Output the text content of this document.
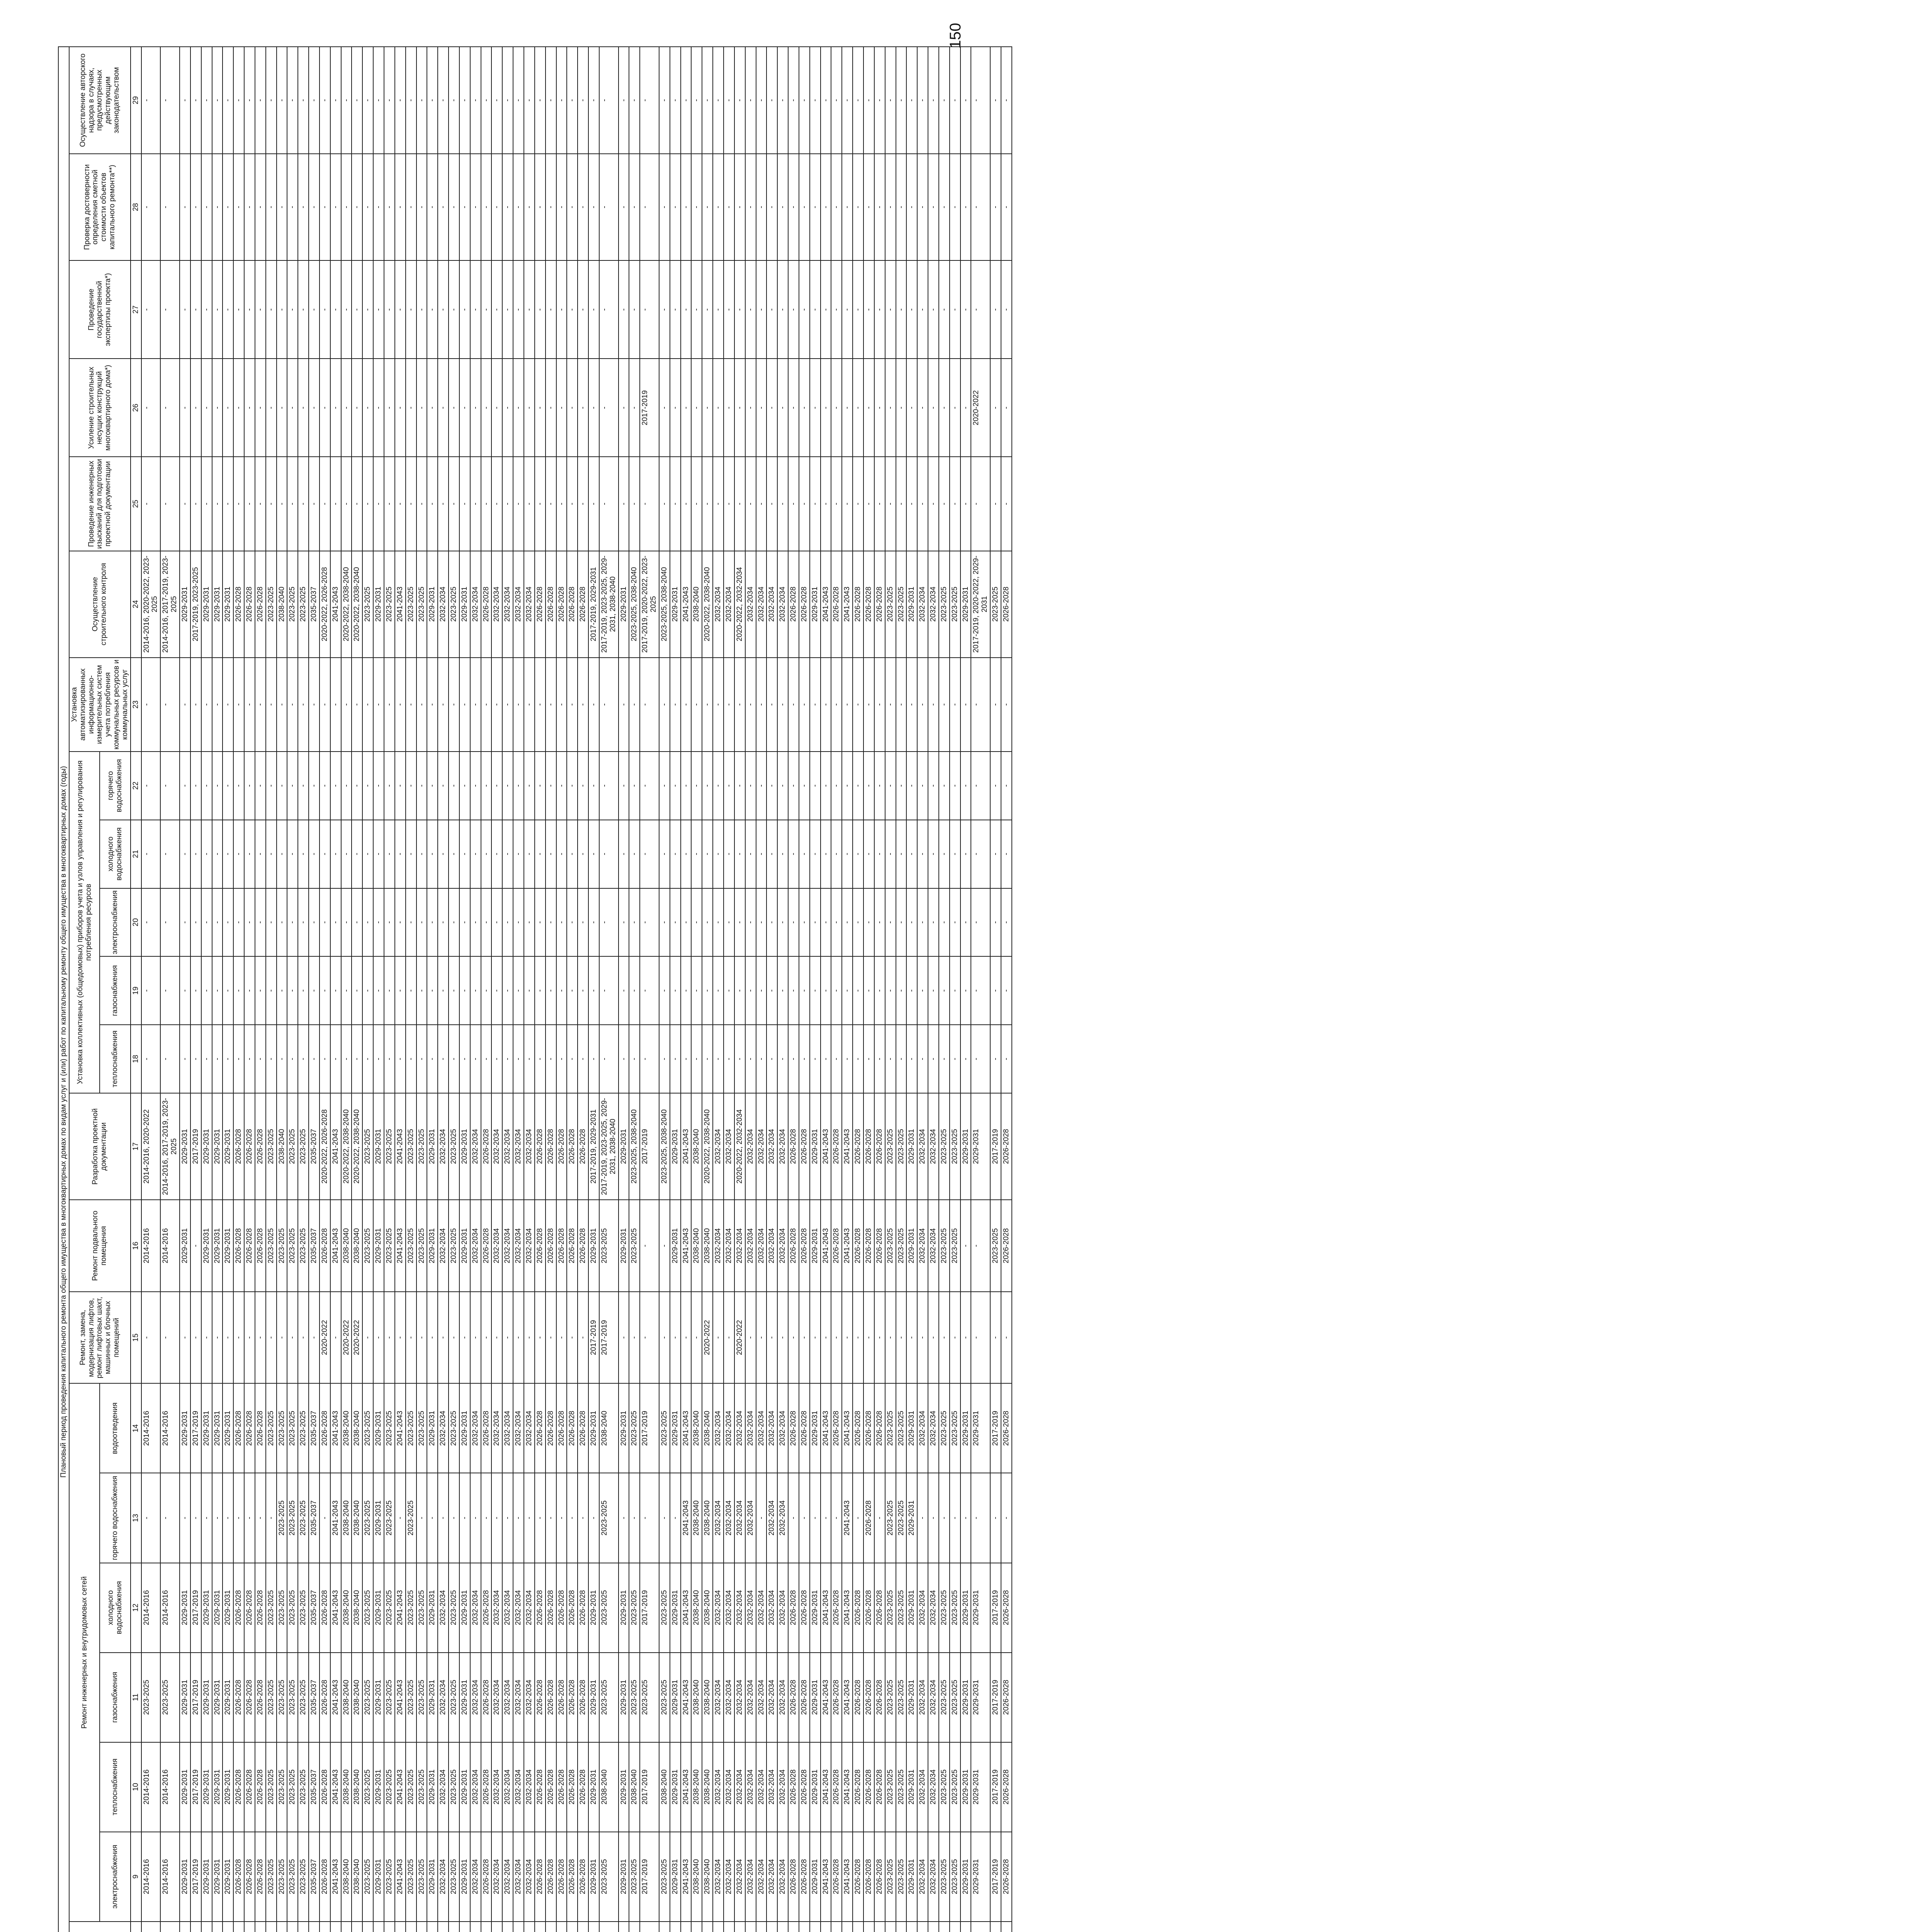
150
					Плановый период проведения капитального ремонта общего имущества в многоквартирных домах по видам услуг и (или) работ по капитальному ремонту общего имущества в многоквартирных домах (годы)																							
			Ремонт инженерных и внутридомовых сетей						Ремонт, замена, модернизация лифтов, ремонт лифтовых шахт, машинных и блочных помещений	Ремонт подвального помещения	Разработка проектной документации	Установка коллективных (общедомовых) приборов учета и узлов управления и регулирования потребления ресурсов					Установка автоматизированных информационно-измерительных систем учета потребления коммунальных ресурсов и коммунальных услуг	Осуществление строительного контроля	Проведение инженерных изысканий для подготовки проектной документации	Усиление строительных несущих конструкций многоквартирного дома*)	Проведение государственной экспертизы проекта*)	Проверка достоверности определения сметной стоимости объектов капитального ремонта**)	Осуществление авторского надзора в случаях, предусмотренных действующим законодательством
								электроснабжения	теплоснабжения	газоснабжения	холодного водоснабжения	горячего водоснабжения	водоотведения				теплоснабжения	газоснабжения	электроснабжения	холодного водоснабжения	горячего водоснабжения							
								9	10	11	12	13	14	15	16	17	18	19	20	21	22	23	24	25	26	27	28	29
								2014-2016	2014-2016	2023-2025	2014-2016	-	2014-2016	-	2014-2016	2014-2016, 2020-2022	-	-	-	-	-	-	2014-2016, 2020-2022, 2023-2025	-	-	-	-	-
								2014-2016	2014-2016	2023-2025	2014-2016	-	2014-2016	-	2014-2016	2014-2016, 2017-2019, 2023-2025	-	-	-	-	-	-	2014-2016, 2017-2019, 2023-2025	-	-	-	-	-
								2029-2031	2029-2031	2029-2031	2029-2031	-	2029-2031	-	2029-2031	2029-2031	-	-	-	-	-	-	2029-2031	-	-	-	-	-
								2017-2019	2017-2019	2017-2019	2017-2019	-	2017-2019	-	-	2017-2019	-	-	-	-	-	-	2017-2019, 2023-2025	-	-	-	-	-
								2029-2031	2029-2031	2029-2031	2029-2031	-	2029-2031	-	2029-2031	2029-2031	-	-	-	-	-	-	2029-2031	-	-	-	-	-
								2029-2031	2029-2031	2029-2031	2029-2031	-	2029-2031	-	2029-2031	2029-2031	-	-	-	-	-	-	2029-2031	-	-	-	-	-
								2029-2031	2029-2031	2029-2031	2029-2031	-	2029-2031	-	2029-2031	2029-2031	-	-	-	-	-	-	2029-2031	-	-	-	-	-
								2026-2028	2026-2028	2026-2028	2026-2028	-	2026-2028	-	2026-2028	2026-2028	-	-	-	-	-	-	2026-2028	-	-	-	-	-
								2026-2028	2026-2028	2026-2028	2026-2028	-	2026-2028	-	2026-2028	2026-2028	-	-	-	-	-	-	2026-2028	-	-	-	-	-
								2026-2028	2026-2028	2026-2028	2026-2028	-	2026-2028	-	2026-2028	2026-2028	-	-	-	-	-	-	2026-2028	-	-	-	-	-
								2023-2025	2023-2025	2023-2025	2023-2025	-	2023-2025	-	2023-2025	2023-2025	-	-	-	-	-	-	2023-2025	-	-	-	-	-
								2023-2025	2023-2025	2023-2025	2023-2025	2023-2025	2023-2025	-	2023-2025	2038-2040	-	-	-	-	-	-	2038-2040	-	-	-	-	-
								2023-2025	2023-2025	2023-2025	2023-2025	2023-2025	2023-2025	-	2023-2025	2023-2025	-	-	-	-	-	-	2023-2025	-	-	-	-	-
								2023-2025	2023-2025	2023-2025	2023-2025	2023-2025	2023-2025	-	2023-2025	2023-2025	-	-	-	-	-	-	2023-2025	-	-	-	-	-
								2035-2037	2035-2037	2035-2037	2035-2037	2035-2037	2035-2037	-	2035-2037	2035-2037	-	-	-	-	-	-	2035-2037	-	-	-	-	-
								2026-2028	2026-2028	2026-2028	2026-2028	-	2026-2028	2020-2022	2026-2028	2020-2022, 2026-2028	-	-	-	-	-	-	2020-2022, 2026-2028	-	-	-	-	-
								2041-2043	2041-2043	2041-2043	2041-2043	2041-2043	2041-2043	-	2041-2043	2041-2043	-	-	-	-	-	-	2041-2043	-	-	-	-	-
								2038-2040	2038-2040	2038-2040	2038-2040	2038-2040	2038-2040	2020-2022	2038-2040	2020-2022, 2038-2040	-	-	-	-	-	-	2020-2022, 2038-2040	-	-	-	-	-
								2038-2040	2038-2040	2038-2040	2038-2040	2038-2040	2038-2040	2020-2022	2038-2040	2020-2022, 2038-2040	-	-	-	-	-	-	2020-2022, 2038-2040	-	-	-	-	-
								2023-2025	2023-2025	2023-2025	2023-2025	2023-2025	2023-2025	-	2023-2025	2023-2025	-	-	-	-	-	-	2023-2025	-	-	-	-	-
								2029-2031	2029-2031	2029-2031	2029-2031	2029-2031	2029-2031	-	2029-2031	2029-2031	-	-	-	-	-	-	2029-2031	-	-	-	-	-
								2023-2025	2023-2025	2023-2025	2023-2025	2023-2025	2023-2025	-	2023-2025	2023-2025	-	-	-	-	-	-	2023-2025	-	-	-	-	-
								2041-2043	2041-2043	2041-2043	2041-2043	-	2041-2043	-	2041-2043	2041-2043	-	-	-	-	-	-	2041-2043	-	-	-	-	-
								2023-2025	2023-2025	2023-2025	2023-2025	2023-2025	2023-2025	-	2023-2025	2023-2025	-	-	-	-	-	-	2023-2025	-	-	-	-	-
								2023-2025	2023-2025	2023-2025	2023-2025	-	2023-2025	-	2023-2025	2023-2025	-	-	-	-	-	-	2023-2025	-	-	-	-	-
								2029-2031	2029-2031	2029-2031	2029-2031	-	2029-2031	-	2029-2031	2029-2031	-	-	-	-	-	-	2029-2031	-	-	-	-	-
								2032-2034	2032-2034	2032-2034	2032-2034	-	2032-2034	-	2032-2034	2032-2034	-	-	-	-	-	-	2032-2034	-	-	-	-	-
								2023-2025	2023-2025	2023-2025	2023-2025	-	2023-2025	-	2023-2025	2023-2025	-	-	-	-	-	-	2023-2025	-	-	-	-	-
								2029-2031	2029-2031	2029-2031	2029-2031	-	2029-2031	-	2029-2031	2029-2031	-	-	-	-	-	-	2029-2031	-	-	-	-	-
								2032-2034	2032-2034	2032-2034	2032-2034	-	2032-2034	-	2032-2034	2032-2034	-	-	-	-	-	-	2032-2034	-	-	-	-	-
								2026-2028	2026-2028	2026-2028	2026-2028	-	2026-2028	-	2026-2028	2026-2028	-	-	-	-	-	-	2026-2028	-	-	-	-	-
								2032-2034	2032-2034	2032-2034	2032-2034	-	2032-2034	-	2032-2034	2032-2034	-	-	-	-	-	-	2032-2034	-	-	-	-	-
								2032-2034	2032-2034	2032-2034	2032-2034	-	2032-2034	-	2032-2034	2032-2034	-	-	-	-	-	-	2032-2034	-	-	-	-	-
								2032-2034	2032-2034	2032-2034	2032-2034	-	2032-2034	-	2032-2034	2032-2034	-	-	-	-	-	-	2032-2034	-	-	-	-	-
								2032-2034	2032-2034	2032-2034	2032-2034	-	2032-2034	-	2032-2034	2032-2034	-	-	-	-	-	-	2032-2034	-	-	-	-	-
								2026-2028	2026-2028	2026-2028	2026-2028	-	2026-2028	-	2026-2028	2026-2028	-	-	-	-	-	-	2026-2028	-	-	-	-	-
								2026-2028	2026-2028	2026-2028	2026-2028	-	2026-2028	-	2026-2028	2026-2028	-	-	-	-	-	-	2026-2028	-	-	-	-	-
								2026-2028	2026-2028	2026-2028	2026-2028	-	2026-2028	-	2026-2028	2026-2028	-	-	-	-	-	-	2026-2028	-	-	-	-	-
								2026-2028	2026-2028	2026-2028	2026-2028	-	2026-2028	-	2026-2028	2026-2028	-	-	-	-	-	-	2026-2028	-	-	-	-	-
								2026-2028	2026-2028	2026-2028	2026-2028	-	2026-2028	-	2026-2028	2026-2028	-	-	-	-	-	-	2026-2028	-	-	-	-	-
								2029-2031	2029-2031	2029-2031	2029-2031	-	2029-2031	2017-2019	2029-2031	2017-2019, 2029-2031	-	-	-	-	-	-	2017-2019, 2029-2031	-	-	-	-	-
								2023-2025	2038-2040	2023-2025	2023-2025	2023-2025	2038-2040	2017-2019	2023-2025	2017-2019, 2023-2025, 2029-2031, 2038-2040	-	-	-	-	-	-	2017-2019, 2023-2025, 2029-2031, 2038-2040	-	-	-	-	-
								2029-2031	2029-2031	2029-2031	2029-2031	-	2029-2031	-	2029-2031	2029-2031	-	-	-	-	-	-	2029-2031	-	-	-	-	-
								2023-2025	2038-2040	2023-2025	2023-2025	-	2023-2025	-	2023-2025	2023-2025, 2038-2040	-	-	-	-	-	-	2023-2025, 2038-2040	-	-	-	-	-
								2017-2019	2017-2019	2023-2025	2017-2019	-	2017-2019	-	-	2017-2019	-	-	-	-	-	-	2017-2019, 2020-2022, 2023-2025	-	2017-2019	-	-	-
								2023-2025	2038-2040	2023-2025	2023-2025	-	2023-2025	-	-	2023-2025, 2038-2040	-	-	-	-	-	-	2023-2025, 2038-2040	-	-	-	-	-
								2029-2031	2029-2031	2029-2031	2029-2031	-	2029-2031	-	2029-2031	2029-2031	-	-	-	-	-	-	2029-2031	-	-	-	-	-
								2041-2043	2041-2043	2041-2043	2041-2043	2041-2043	2041-2043	-	2041-2043	2041-2043	-	-	-	-	-	-	2041-2043	-	-	-	-	-
								2038-2040	2038-2040	2038-2040	2038-2040	2038-2040	2038-2040	-	2038-2040	2038-2040	-	-	-	-	-	-	2038-2040	-	-	-	-	-
								2038-2040	2038-2040	2038-2040	2038-2040	2038-2040	2038-2040	2020-2022	2038-2040	2020-2022, 2038-2040	-	-	-	-	-	-	2020-2022, 2038-2040	-	-	-	-	-
								2032-2034	2032-2034	2032-2034	2032-2034	2032-2034	2032-2034	-	2032-2034	2032-2034	-	-	-	-	-	-	2032-2034	-	-	-	-	-
								2032-2034	2032-2034	2032-2034	2032-2034	2032-2034	2032-2034	-	2032-2034	2032-2034	-	-	-	-	-	-	2032-2034	-	-	-	-	-
								2032-2034	2032-2034	2032-2034	2032-2034	2032-2034	2032-2034	2020-2022	2032-2034	2020-2022, 2032-2034	-	-	-	-	-	-	2020-2022, 2032-2034	-	-	-	-	-
								2032-2034	2032-2034	2032-2034	2032-2034	2032-2034	2032-2034	-	2032-2034	2032-2034	-	-	-	-	-	-	2032-2034	-	-	-	-	-
								2032-2034	2032-2034	2032-2034	2032-2034	-	2032-2034	-	2032-2034	2032-2034	-	-	-	-	-	-	2032-2034	-	-	-	-	-
								2032-2034	2032-2034	2032-2034	2032-2034	2032-2034	2032-2034	-	2032-2034	2032-2034	-	-	-	-	-	-	2032-2034	-	-	-	-	-
								2032-2034	2032-2034	2032-2034	2032-2034	2032-2034	2032-2034	-	2032-2034	2032-2034	-	-	-	-	-	-	2032-2034	-	-	-	-	-
								2026-2028	2026-2028	2026-2028	2026-2028	-	2026-2028	-	2026-2028	2026-2028	-	-	-	-	-	-	2026-2028	-	-	-	-	-
								2026-2028	2026-2028	2026-2028	2026-2028	-	2026-2028	-	2026-2028	2026-2028	-	-	-	-	-	-	2026-2028	-	-	-	-	-
								2029-2031	2029-2031	2029-2031	2029-2031	-	2029-2031	-	2029-2031	2029-2031	-	-	-	-	-	-	2029-2031	-	-	-	-	-
								2041-2043	2041-2043	2041-2043	2041-2043	-	2041-2043	-	2041-2043	2041-2043	-	-	-	-	-	-	2041-2043	-	-	-	-	-
								2026-2028	2026-2028	2026-2028	2026-2028	-	2026-2028	-	2026-2028	2026-2028	-	-	-	-	-	-	2026-2028	-	-	-	-	-
								2041-2043	2041-2043	2041-2043	2041-2043	2041-2043	2041-2043	-	2041-2043	2041-2043	-	-	-	-	-	-	2041-2043	-	-	-	-	-
								2026-2028	2026-2028	2026-2028	2026-2028	-	2026-2028	-	2026-2028	2026-2028	-	-	-	-	-	-	2026-2028	-	-	-	-	-
								2026-2028	2026-2028	2026-2028	2026-2028	2026-2028	2026-2028	-	2026-2028	2026-2028	-	-	-	-	-	-	2026-2028	-	-	-	-	-
								2026-2028	2026-2028	2026-2028	2026-2028	-	2026-2028	-	2026-2028	2026-2028	-	-	-	-	-	-	2026-2028	-	-	-	-	-
								2023-2025	2023-2025	2023-2025	2023-2025	2023-2025	2023-2025	-	2023-2025	2023-2025	-	-	-	-	-	-	2023-2025	-	-	-	-	-
								2023-2025	2023-2025	2023-2025	2023-2025	2023-2025	2023-2025	-	2023-2025	2023-2025	-	-	-	-	-	-	2023-2025	-	-	-	-	-
								2029-2031	2029-2031	2029-2031	2029-2031	2029-2031	2029-2031	-	2029-2031	2029-2031	-	-	-	-	-	-	2029-2031	-	-	-	-	-
								2032-2034	2032-2034	2032-2034	2032-2034	-	2032-2034	-	2032-2034	2032-2034	-	-	-	-	-	-	2032-2034	-	-	-	-	-
								2032-2034	2032-2034	2032-2034	2032-2034	-	2032-2034	-	2032-2034	2032-2034	-	-	-	-	-	-	2032-2034	-	-	-	-	-
								2023-2025	2023-2025	2023-2025	2023-2025	-	2023-2025	-	2023-2025	2023-2025	-	-	-	-	-	-	2023-2025	-	-	-	-	-
								2023-2025	2023-2025	2023-2025	2023-2025	-	2023-2025	-	2023-2025	2023-2025	-	-	-	-	-	-	2023-2025	-	-	-	-	-
								2029-2031	2029-2031	2029-2031	2029-2031	-	2029-2031	-	-	2029-2031	-	-	-	-	-	-	2029-2031	-	-	-	-	-
								2029-2031	2029-2031	2029-2031	2029-2031	-	2029-2031	-	-	2029-2031	-	-	-	-	-	-	2017-2019, 2020-2022, 2029-2031	-	2020-2022	-	-	-
								2017-2019	2017-2019	2017-2019	2017-2019	-	2017-2019	-	2023-2025	2017-2019	-	-	-	-	-	-	2023-2025	-	-	-	-	-
								2026-2028	2026-2028	2026-2028	2026-2028	-	2026-2028	-	2026-2028	2026-2028	-	-	-	-	-	-	2026-2028	-	-	-	-	-
